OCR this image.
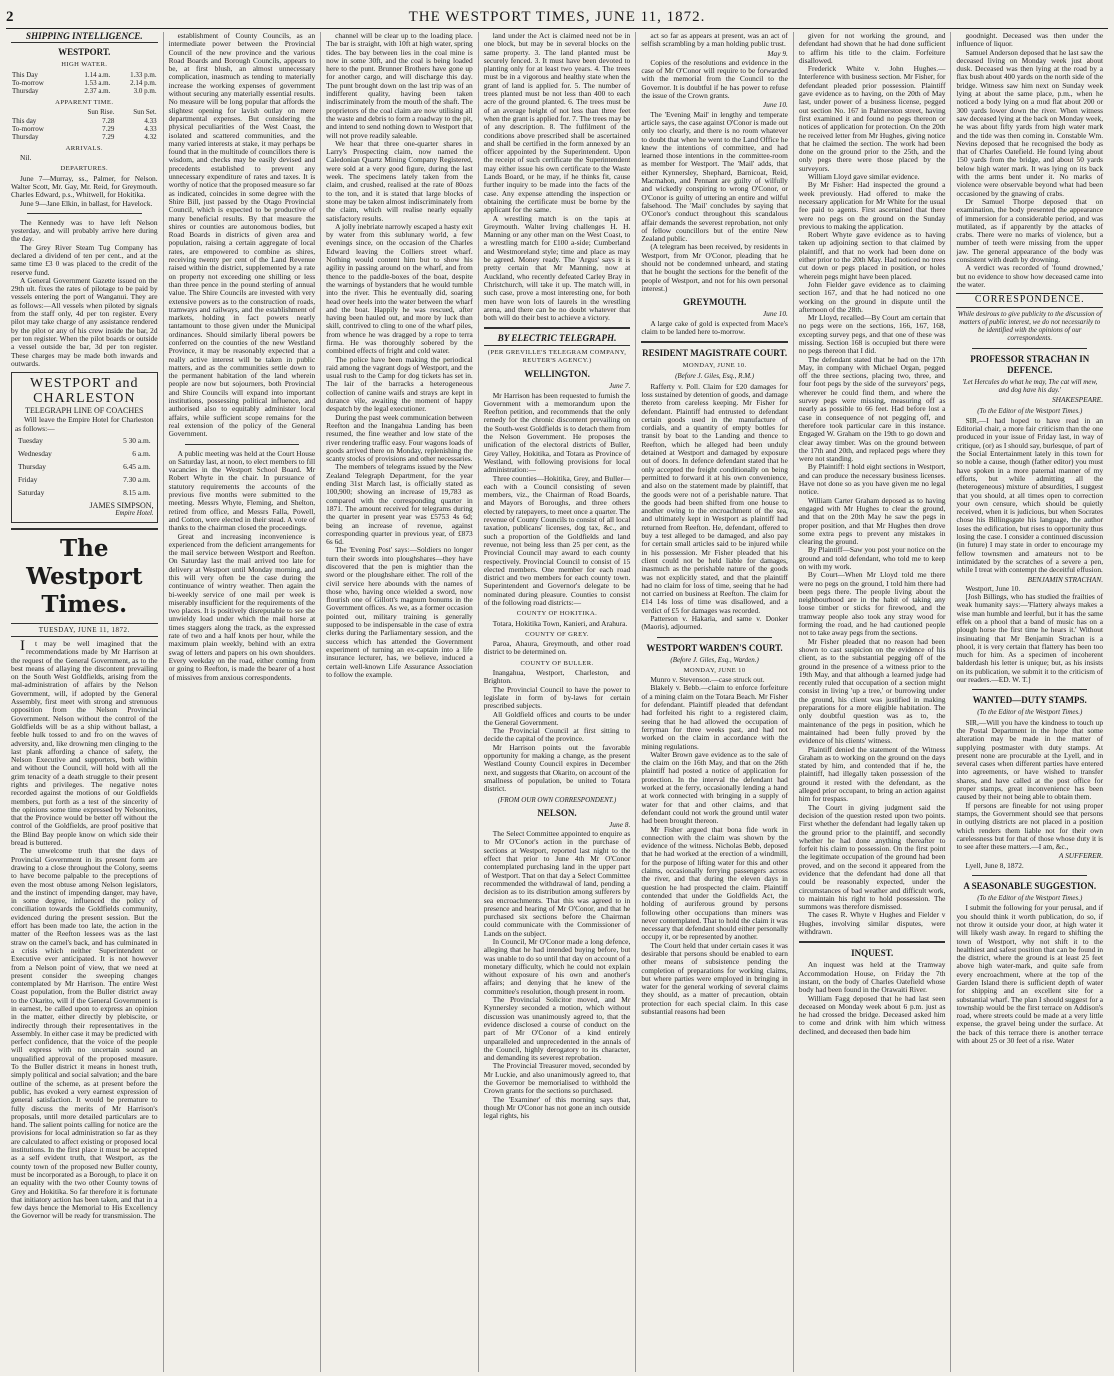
2	THE WESTPORT TIMES, JUNE 11, 1872.
SHIPPING INTELLIGENCE.
WESTPORT.
HIGH WATER.
This Day	1.14 a.m.	1.33 p.m.
To-morrow	1.53 a.m.	2.14 p.m.
Thursday	2.37 a.m.	3.0 p.m.
APPARENT TIME.
	Sun Rise.	Sun Set.
This day	7.28	4.33
To-morrow	7.29	4.33
Thursday	7.29	4.32
ARRIVALS.

Nil.

DEPARTURES.

June 7—Murray, ss., Palmer, for Nelson. Walter Scott, Mr. Gay, Mr. Reid, for Greymouth. Charles Edward, p.s., Whitwell, for Hokitika.

June 9—Jane Elkin, in ballast, for Havelock.

The Kennedy was to have left Nelson yesterday, and will probably arrive here during the day.

The Grey River Steam Tug Company has declared a dividend of ten per cent., and at the same time £3 0 was placed to the credit of the reserve fund.

A General Government Gazette issued on the 29th ult. fixes the rates of pilotage to be paid by vessels entering the port of Wanganui. They are as follows:—All vessels when piloted by signals from the staff only, 4d per ton register. Every pilot may take charge of any assistance rendered by the pilot or any of his crew inside the bar, 2d per ton register. When the pilot boards or outside a vessel outside the bar, 3d per ton register. These charges may be made both inwards and outwards.

WESTPORT and CHARLESTON
TELEGRAPH LINE OF COACHES

Will leave the Empire Hotel for Charleston as follows:—

Tuesday	5 30 a.m.
Wednesday	6 a.m.
Thursday	6.45 a.m.
Friday	7.30 a.m.
Saturday	8.15 a.m.
JAMES SIMPSON,
Empire Hotel.
The Westport Times.
TUESDAY, JUNE 11, 1872.

It may be well imagined that the recommendations made by Mr Harrison at the request of the General Government, as to the best means of allaying the discontent prevailing on the South West Goldfields, arising from the mal-administration of affairs by the Nelson Government, will, if adopted by the General Assembly, first meet with strong and strenuous opposition from the Nelson Provincial Government. Nelson without the control of the Goldfields will be as a ship without ballast, a feeble hulk tossed to and fro on the waves of adversity, and, like drowning men clinging to the last plank affording a chance of safety, the Nelson Executive and supporters, both within and without the Council, will hold with all the grim tenacity of a death struggle to their present rights and privileges. The negative notes recorded against the motions of our Goldfields members, put forth as a test of the sincerity of the opinions some time expressed by Nelsonites, that the Province would be better off without the control of the Goldfields, are proof positive that the Blind Bay people know on which side their bread is buttered.

The unwelcome truth that the days of Provincial Government in its present form are drawing to a close throughout the Colony, seems to have become palpable to the preceptions of even the most obtuse among Nelson legislators, and the instinct of impending danger, may have, in some degree, influenced the policy of conciliation towards the Goldfields community, evidenced during the present session. But the effort has been made too late, the action in the matter of the Reefton lessees was as the last straw on the camel's back, and has culminated in a crisis which neither Superintendent or Executive ever anticipated. It is not however from a Nelson point of view, that we need at present consider the sweeping changes contemplated by Mr Harrison. The entire West Coast population, from the Buller district away to the Okarito, will if the General Government is in earnest, be called upon to express an opinion in the matter, either directly by plebiscite, or indirectly through their representatives in the Assembly. In either case it may be predicted with perfect confidence, that the voice of the people will express with no uncertain sound an unqualified approval of the proposed measure. To the Buller district it means in honest truth, simply political and social salvation; and the bare outline of the scheme, as at present before the public, has evoked a very earnest expression of general satisfaction. It would be premature to fully discuss the merits of Mr Harrison's proposals, until more detailed particulars are to hand. The salient points calling for notice are the provisions for local administration so far as they are calculated to affect existing or proposed local institutions. In the first place it must be accepted as a self evident truth, that Westport, as the county town of the proposed new Buller county, must be incorporated as a Borough, to place it on an equality with the two other County towns of Grey and Hokitika. So far therefore it is fortunate that initiatory action has been taken, and that in a few days hence the Memorial to His Excellency the Governor will be ready for transmission. The

establishment of County Councils, as an intermediate power between the Provincial Council of the new province and the various Road Boards and Borough Councils, appears to be, at first blush, an almost unnecessary complication, inasmuch as tending to materially increase the working expenses of government without securing any materially essential results. No measure will be long popular that affords the slightest opening for lavish outlay on mere departmental expenses. But considering the physical peculiarities of the West Coast, the isolated and scattered communities, and the many varied interests at stake, it may perhaps be found that in the multitude of councillors there is wisdom, and checks may be easily devised and precedents established to prevent any unnecessary expenditure of rates and taxes. It is worthy of notice that the proposed measure so far as indicated, coincides in some degree with the Shire Bill, just passed by the Otago Provincial Council, which is expected to be productive of many beneficial results. By that measure the shires or counties are autonomous bodies, but Road Boards in districts of given area and population, raising a certain aggregate of local rates, are empowered to combine as shires, receiving twenty per cent of the Land Revenue raised within the district, supplemented by a rate on property not exceeding one shilling or less than three pence in the pound sterling of annual value. The Shire Councils are invested with very extensive powers as to the construction of roads, tramways and railways, and the establishment of markets, holding in fact powers nearly tantamount to those given under the Municipal ordinances. Should similarly liberal powers be conferred on the counties of the new Westland Province, it may be reasonably expected that a really active interest will be taken in public matters, and as the communities settle down to the permanent habitation of the land wherein people are now but sojourners, both Provincial and Shire Councils will expand into important institutions, possessing political influence, and authorised also to equitably administer local affairs, while sufficient scope remains for the real extension of the policy of the General Government.

A public meeting was held at the Court House on Saturday last, at noon, to elect members to fill vacancies in the Westport School Board. Mr Robert Whyte in the chair. In pursuance of statutory requirements the accounts of the previous five months were submitted to the meeting. Messrs Whyte, Fleming, and Shelton, retired from office, and Messrs Falla, Powell, and Cotton, were elected in their stead. A vote of thanks to the chairman closed the proceedings.

Great and increasing inconvenience is experienced from the deficient arrangements for the mail service between Westport and Reefton. On Saturday last the mail arrived too late for delivery at Westport until Monday morning, and this will very often be the case during the continuance of wintry weather. Then again the bi-weekly service of one mail per week is miserably insufficient for the requirements of the two places. It is positively disreputable to see the unwieldy load under which the mail horse at times staggers along the track, as the expressed rate of two and a half knots per hour, while the maximum plain weekly, behind with an extra swag of letters and papers on his own shoulders. Every weekday on the road, either coming from or going to Reefton, is made the bearer of a host of missives from anxious correspondents.

channel will be clear up to the loading place. The bar is straight, with 10ft at high water, spring tides. The bay between lies in the coal mine is now in some 30ft, and the coal is being loaded here to the punt. Brunner Brothers have gone up for another cargo, and will discharge this day. The punt brought down on the last trip was of an indifferent quality, having been taken indiscriminately from the mouth of the shaft. The proprietors of the coal claim are now utilising all the waste and debris to form a roadway to the pit, and intend to send nothing down to Westport that will not prove readily saleable.

We hear that three one-quarter shares in Larry's Prospecting claim, now named the Caledonian Quartz Mining Company Registered, were sold at a very good figure, during the last week. The specimens lately taken from the claim, and crushed, realised at the rate of 80ozs to the ton, and it is stated that large blocks of stone may be taken almost indiscriminately from the claim, which will realise nearly equally satisfactory results.

A jolly inebriate narrowly escaped a hasty exit by water from this sublunary world, a few evenings since, on the occasion of the Charles Edward leaving the Colliers street wharf. Nothing would content him but to show his agility in passing around on the wharf, and from thence to the paddle-boxes of the boat, despite the warnings of bystanders that he would tumble into the river. This he eventually did, soaring head over heels into the water between the wharf and the boat. Happily he was rescued, after having been hauled out, and more by luck than skill, contrived to cling to one of the wharf piles, from whence he was dragged by a rope to terra firma. He was thoroughly sobered by the combined effects of fright and cold water.

The police have been making the periodical raid among the vagrant dogs of Westport, and the usual rush to the Camp for dog tickets has set in. The lair of the barracks a heterogeneous collection of canine waifs and strays are kept in durance vile, awaiting the moment of happy despatch by the legal executioner.

During the past week communication between Reefton and the Inangahua Landing has been resumed, the fine weather and low state of the river rendering traffic easy. Four wagons loads of goods arrived there on Monday, replenishing the scanty stocks of provisions and other necessaries.

The members of telegrams issued by the New Zealand Telegraph Department, for the year ending 31st March last, is officially stated as 100,900; showing an increase of 19,783 as compared with the corresponding quarter in 1871. The amount received for telegrams during the quarter in present year was £5753 4s 6d; being an increase of revenue, against corresponding quarter in previous year, of £873 6s 6d.

The 'Evening Post' says:—Soldiers no longer turn their swords into ploughshares—they have discovered that the pen is mightier than the sword or the ploughshare either. The roll of the civil service here abounds with the names of those who, having once wielded a sword, now flourish one of Gillott's magnum bonums in the Government offices. As we, as a former occasion pointed out, military training is generally supposed to be indispensable in the case of extra clerks during the Parliamentary session, and the success which has attended the Government experiment of turning an ex-captain into a life insurance lecturer, has, we believe, induced a certain well-known Life Assurance Association to follow the example.

land under the Act is claimed need not be in one block, but may be in several blocks on the same property. 3. The land planted must be securely fenced. 3. It must have been devoted to planting only for at least two years. 4. The trees must be in a vigorous and healthy state when the grant of land is applied for. 5. The number of trees planted must be not less than 400 to each acre of the ground planted. 6. The trees must be of an average height of not less than three feet when the grant is applied for. 7. The trees may be of any description. 8. The fulfilment of the conditions above prescribed shall be ascertained and shall be certified in the form annexed by an officer appointed by the Superintendent. Upon the receipt of such certificate the Superintendent may either issue his own certificate to the Waste Lands Board, or he may, if he thinks fit, cause further inquiry to be made into the facts of the case. Any expense attending the inspection or obtaining the certificate must be borne by the applicant for the same.

A wrestling match is on the tapis at Greymouth. Walter Irving challenges H. H. Manning or any other man on the West Coast, to a wrestling match for £100 a-side; Cumberland and Westmoreland style; time and place as may be agreed. Money ready. The 'Argus' says it is pretty certain that Mr Manning, now at Auckland, who recently defeated Carley Bray in Christchurch, will take it up. The match will, in such case, prove a most interesting one, for both men have won lots of laurels in the wrestling arena, and there can be no doubt whatever that both will do their best to achieve a victory.

BY ELECTRIC TELEGRAPH.
(PER GREVILLE'S TELEGRAM COMPANY, REUTER'S AGENCY.)
WELLINGTON.
June 7.

Mr Harrison has been requested to furnish the Government with a memorandum upon the Reefton petition, and recommends that the only remedy for the chronic discontent prevailing on the South-west Goldfields is to detach them from the Nelson Government. He proposes the unification of the electoral districts of Buller, Grey Valley, Hokitika, and Totara as Province of Westland, with following provisions for local administration:—

Three counties—Hokitika, Grey, and Buller—each with a Council consisting of seven members, viz., the Chairman of Road Boards, and Mayors of Boroughs, and three others elected by ratepayers, to meet once a quarter. The revenue of County Councils to consist of all local taxation, publicans' licenses, dog tax, &c., and such a proportion of the Goldfields and land revenue, not being less than 25 per cent, as the Provincial Council may award to each county respectively. Provincial Council to consist of 15 elected members. One member for each road district and two members for each county town. Superintendent and Governor's delegate to be nominated during pleasure. Counties to consist of the following road districts:—

COUNTY OF HOKITIKA.

Totara, Hokitika Town, Kanieri, and Arahura.

COUNTY OF GREY.

Paroa, Ahaura, Greymouth, and other road district to be determined on.

COUNTY OF BULLER.

Inangahua, Westport, Charleston, and Brighton.

The Provincial Council to have the power to legislate in form of by-laws for certain prescribed subjects.

All Goldfield offices and courts to be under the General Government.

The Provincial Council at first sitting to decide the capital of the province.

Mr Harrison points out the favorable opportunity for making a change, as the present Westland County Council expires in December next, and suggests that Okarito, on account of the smallness of population, be united to Totara district.

(FROM OUR OWN CORRESPONDENT.)
NELSON.
June 8.

The Select Committee appointed to enquire as to Mr O'Conor's action in the purchase of sections at Westport, reported last night to the effect that prior to June 4th Mr O'Conor contemplated purchasing land in the upper part of Westport. That on that day a Select Committee recommended the withdrawal of land, pending a decision as to its distribution among sufferers by sea encroachments. That this was agreed to in presence and hearing of Mr O'Conor, and that he purchased six sections before the Chairman could communicate with the Commissioner of Lands on the subject.

In Council, Mr O'Conor made a long defence, alleging that he had intended buying before, but was unable to do so until that day on account of a monetary difficulty, which he could not explain without exposure of his own and another's affairs; and denying that he knew of the committee's resolution, though present in room.

The Provincial Solicitor moved, and Mr Kynnersley seconded a motion, which without discussion was unanimously agreed to, that the evidence disclosed a course of conduct on the part of Mr O'Conor of a kind entirely unparalleled and unprecedented in the annals of the Council, highly derogatory to its character, and demanding its severest reprobation.

The Provincial Treasurer moved, seconded by Mr Luckie, and also unanimously agreed to, that the Governor be memorialised to withhold the Crown grants for the sections so purchased.

The 'Examiner' of this morning says that, though Mr O'Conor has not gone an inch outside legal rights, his

act so far as appears at present, was an act of selfish scrambling by a man holding public trust.

May 9.

Copies of the resolutions and evidence in the case of Mr O'Conor will require to be forwarded with the memorial from the Council to the Governor. It is doubtful if he has power to refuse the issue of the Crown grants.

June 10.

The 'Evening Mail' in lengthy and temperate article says, the case against O'Conor is made out only too clearly, and there is no room whatever to doubt that when he went to the Land Office he knew the intentions of committee, and had learned those intentions in the committee-room as member for Westport. The 'Mail' adds, that either Kynnersley, Shephard, Barnicoat, Reid, Macmahon, and Pennant are guilty of wilfully and wickedly conspiring to wrong O'Conor, or O'Conor is guilty of uttering an entire and wilful falsehood. The 'Mail' concludes by saying that O'Conor's conduct throughout this scandalous affair demands the severest reprobation, not only of fellow councillors but of the entire New Zealand public.

(A telegram has been received, by residents in Westport, from Mr O'Conor, pleading that he should not be condemned unheard, and stating that he bought the sections for the benefit of the people of Westport, and not for his own personal interest.)

GREYMOUTH.
June 10.

A large cake of gold is expected from Mace's claim to be landed here to-morrow.

RESIDENT MAGISTRATE COURT.
MONDAY, JUNE 10.
(Before J. Giles, Esq., R.M.)

Rafferty v. Poll. Claim for £20 damages for loss sustained by detention of goods, and damage thereto from careless keeping. Mr Fisher for defendant. Plaintiff had entrusted to defendant certain goods used in the manufacture of cordials, and a quantity of empty bottles for transit by boat to the Landing and thence to Reefton, which he alleged had been unduly detained at Westport and damaged by exposure out of doors. In defence defendant stated that he only accepted the freight conditionally on being permitted to forward it at his own convenience, and also on the statement made by plaintiff, that the goods were not of a perishable nature. That the goods had been shifted from one house to another owing to the encroachment of the sea, and ultimately kept in Westport as plaintiff had returned from Reefton. He, defendant, offered to buy a test alleged to be damaged, and also pay for certain small articles said to be injured while in his possession. Mr Fisher pleaded that his client could not be held liable for damages, inasmuch as the perishable nature of the goods was not explicitly stated, and that the plaintiff had no claim for loss of time, seeing that he had not carried on business at Reefton. The claim for £14 14s loss of time was disallowed, and a verdict of £5 for damages was recorded.

Patterson v. Hakaria, and same v. Donker (Maoris), adjourned.

WESTPORT WARDEN'S COURT.
(Before J. Giles, Esq., Warden.)
MONDAY, JUNE 10

Munro v. Stevenson.—case struck out.

Blakely v. Bebb.—claim to enforce forfeiture of a mining claim on the Totara Beach. Mr Fisher for defendant. Plaintiff pleaded that defendant had forfeited his right to a registered claim, seeing that he had allowed the occupation of ferryman for three weeks past, and had not worked on the claim in accordance with the mining regulations.

Walter Brown gave evidence as to the sale of the claim on the 16th May, and that on the 26th plaintiff had posted a notice of application for protection. In the interval the defendant had worked at the ferry, occasionally lending a hand at work connected with bringing in a supply of water for that and other claims, and that defendant could not work the ground until water had been brought thereon.

Mr Fisher argued that bona fide work in connection with the claim was shown by the evidence of the witness. Nicholas Bebb, deposed that he had worked at the erection of a windmill, for the purpose of lifting water for this and other claims, occasionally ferrying passengers across the river, and that during the eleven days in question he had prospected the claim. Plaintiff contended that under the Goldfields Act, the holding of auriferous ground by persons following other occupations than miners was never contemplated. That to hold the claim it was necessary that defendant should either personally occupy it, or be represented by another.

The Court held that under certain cases it was desirable that persons should be enabled to earn other means of subsistence pending the completion of preparations for working claims, but where parties were employed in bringing in water for the general working of several claims they should, as a matter of precaution, obtain protection for each special claim. In this case substantial reasons had been

given for not working the ground, and defendant had shown that he had done sufficient to affirm his title to the claim. Forfeiture disallowed.

Frederick White v. John Hughes.—Interference with business section. Mr Fisher, for defendant pleaded prior possession. Plaintiff gave evidence as to having, on the 20th of May last, under power of a business license, pegged out section No. 167 in Palmerston street, having first examined it and found no pegs thereon or notices of application for protection. On the 20th he received letter from Mr Hughes, giving notice that he claimed the section. The work had been done on the ground prior to the 25th, and the only pegs there were those placed by the surveyors.

William Lloyd gave similar evidence.

By Mr Fisher: Had inspected the ground a week previously. Had offered to make the necessary application for Mr White for the usual fee paid to agents. First ascertained that there were no pegs on the ground on the Sunday previous to making the application.

Robert Whyte gave evidence as to having taken up adjoining section to that claimed by plaintiff, and that no work had been done on either prior to the 20th May. Had noticed no trees cut down or pegs placed in position, or holes wherein pegs might have been placed.

John Fielder gave evidence as to claiming section 167, and that he had noticed no one working on the ground in dispute until the afternoon of the 28th.

Mr Lloyd, recalled—By Court am certain that no pegs were on the sections, 166, 167, 168, excepting survey pegs, and that one of these was missing. Section 168 is occupied but there were no pegs thereon that I did.

The defendant stated that he had on the 17th May, in company with Michael Organ, pegged off the three sections, placing two, three, and four foot pegs by the side of the surveyors' pegs, wherever he could find them, and where the survey pegs were missing, measuring off as nearly as possible to 66 feet. Had before lost a case in consequence of not pegging off, and therefore took particular care in this instance. Engaged W. Graham on the 19th to go down and clear away timber. Was on the ground between the 17th and 20th, and replaced pegs where they were not standing.

By Plaintiff: I hold eight sections in Westport, and can produce the necessary business licenses. Have not done so as you have given me no legal notice.

William Carter Graham deposed as to having engaged with Mr Hughes to clear the ground, and that on the 20th May he saw the pegs in proper position, and that Mr Hughes then drove some extra pegs to prevent any mistakes in clearing the ground.

By Plaintiff—Saw you post your notice on the ground and told defendant, who told me to keep on with my work.

By Court—When Mr Lloyd told me there were no pegs on the ground, I told him there had been pegs there. The people living about the neighbourhood are in the habit of taking any loose timber or sticks for firewood, and the tramway people also took any stray wood for forming the road, and he had cautioned people not to take away pegs from the sections.

Mr Fisher pleaded that no reason had been shown to cast suspicion on the evidence of his client, as to the substantial pegging off of the ground in the presence of a witness prior to the 19th May, and that although a learned judge had recently ruled that occupation of a section might consist in living 'up a tree,' or burrowing under the ground, his client was justified in making preparations for a more eligible habitation. The only doubtful question was as to, the maintenance of the pegs in position, which he maintained had been fully proved by the evidence of his clients' witness.

Plaintiff denied the statement of the Witness Graham as to working on the ground on the days stated by him, and contended that if he, the plaintiff, had illegally taken possession of the ground it rested with the defendant, as the alleged prior occupant, to bring an action against him for trespass.

The Court in giving judgment said the decision of the question rested upon two points. First whether the defendant had legally taken up the ground prior to the plaintiff, and secondly whether he had done anything thereafter to forfeit his claim to possession. On the first point the legitimate occupation of the ground had been proved, and on the second it appeared from the evidence that the defendant had done all that could be reasonably expected, under the circumstances of bad weather and difficult work, to maintain his right to hold possession. The summons was therefore dismissed.

The cases R. Whyte v Hughes and Fielder v Hughes, involving similar disputes, were withdrawn.

INQUEST.

An inquest was held at the Tramway Accommodation House, on Friday the 7th instant, on the body of Charles Oatefield whose body had been found in the Orawaiti River.

William Fagg deposed that he had last seen deceased on Monday week about 6 p.m. just as he had crossed the bridge. Deceased asked him to come and drink with him which witness declined, and deceased then bade him

goodnight. Deceased was then under the influence of liquor.

Samuel Anderson deposed that he last saw the deceased living on Monday week just about dusk. Deceased was then lying at the road by a flax bush about 400 yards on the north side of the bridge. Witness saw him next on Sunday week lying at about the same place, p.m., when he noticed a body lying on a mud flat about 200 or 300 yards lower down the river. When witness saw deceased lying at the back on Monday week, he was about fifty yards from high water mark and the tide was then coming in. Constable Wm. Nevins deposed that he recognised the body as that of Charles Oatefield. He found lying about 150 yards from the bridge, and about 50 yards below high water mark. It was lying on its back with the arms bent under it. No marks of violence were observable beyond what had been occasioned by the gnawing of crabs.

Dr Samuel Thorpe deposed that on examination, the body presented the appearance of immersion for a considerable period, and was mutilated, as if apparently by the attacks of crabs. There were no marks of violence, but a number of teeth were missing from the upper jaw. The general appearance of the body was consistent with death by drowning.

A verdict was recorded of 'found drowned,' but no evidence to show how deceased came into the water.

CORRESPONDENCE.
While desirous to give publicity to the discussion of matters of public interest, we do not necessarily to be identified with the opinions of our correspondents.
PROFESSOR STRACHAN IN DEFENCE.
'Let Hercules do what he may, The cat will mew, and dog have his day.'
SHAKESPEARE.
(To the Editor of the Westport Times.)

SIR,—I had hoped to have read in an Editorial chair, a more fair criticism than the one produced in your issue of Friday last, in way of critique, (or) as I should say, burlesque, of part of the Social Entertainment lately in this town for so noble a cause, though (father editor) you must have spoken in a more paternal manner of my efforts, but while admitting all the (heterogeneous) mixture of absurdities, I suggest that you should, at all times open to correction your own censure, which should be quietly received, when it is judicious, but when Socrates chose his Billingsgate his language, the author loses the edification, but rises to opportunity thus losing the case. I consider a continued discussion (in future) I may state in order to encourage my fellow townsmen and amateurs not to be intimidated by the scratches of a severe a pen, while I treat with contempt the deceitful effusion.

BENJAMIN STRACHAN.

Westport, June 10.

[Josh Billings, who has studied the frailties of weak humanity says:—'Flattery always makes a wise man humble and leerful, but it has the same effek on a phool that a band of music has on a plough horse the first time he hears it.' Without insinuating that Mr Benjamin Strachan is a phool, it is very certain that flattery has been too much for him. As a specimen of incoherent balderdash his letter is unique; but, as his insists on its publication, we submit it to the criticism of our readers.—ED. W. T.]

WANTED—DUTY STAMPS.
(To the Editor of the Westport Times.)

SIR,—Will you have the kindness to touch up the Postal Department in the hope that some alteration may be made in the matter of supplying postmaster with duty stamps. At present none are procurable at the Lyell, and in several cases when different parties have entered into agreements, or have wished to transfer shares, and have called at the post office for proper stamps, great inconvenience has been caused by their not being able to obtain them.

If persons are fineable for not using proper stamps, the Government should see that persons in outlying districts are not placed in a position which renders them liable not for their own carelessness but for that of those whose duty it is to see after these matters.—I am, &c.,

A SUFFERER.

Lyell, June 8, 1872.

A SEASONABLE SUGGESTION.
(To the Editor of the Westport Times.)

I submit the following for your perusal, and if you should think it worth publication, do so, if not throw it outside your door, at high water it will likely wash away. In regard to shifting the town of Westport, why not shift it to the healthiest and safest position that can be found in the district, where the ground is at least 25 feet above high water-mark, and quite safe from every encroachment, where at the top of the Garden Island there is sufficient depth of water for shipping and an excellent site for a substantial wharf. The plan I should suggest for a township would be the first terrace on Addison's road, where streets could be made at a very little expense, the gravel being under the surface. At the back of this terrace there is another terrace with about 25 or 30 feet of a rise. Water
